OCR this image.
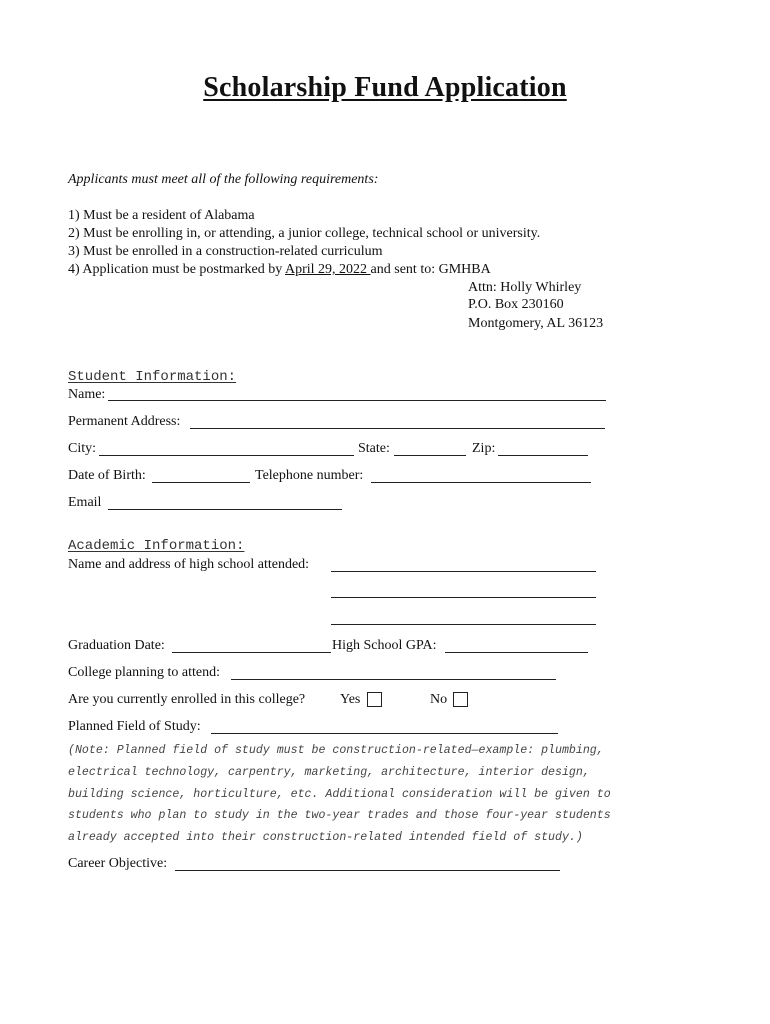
Scholarship Fund Application
Applicants must meet all of the following requirements:
1) Must be a resident of Alabama
2) Must be enrolling in, or attending, a junior college, technical school or university.
3) Must be enrolled in a construction-related curriculum
4) Application must be postmarked by April 29, 2022 and sent to: GMHBA
Attn: Holly Whirley
P.O. Box 230160
Montgomery, AL 36123
Student Information:
Name:
Permanent Address:
City:	State:	Zip:
Date of Birth:	Telephone number:
Email
Academic Information:
Name and address of high school attended:
Graduation Date:	High School GPA:
College planning to attend:
Are you currently enrolled in this college? Yes	No
Planned Field of Study:
(Note: Planned field of study must be construction-related—example: plumbing,
electrical technology, carpentry, marketing, architecture, interior design,
building science, horticulture, etc. Additional consideration will be given to
students who plan to study in the two-year trades and those four-year students
already accepted into their construction-related intended field of study.)
Career Objective:
